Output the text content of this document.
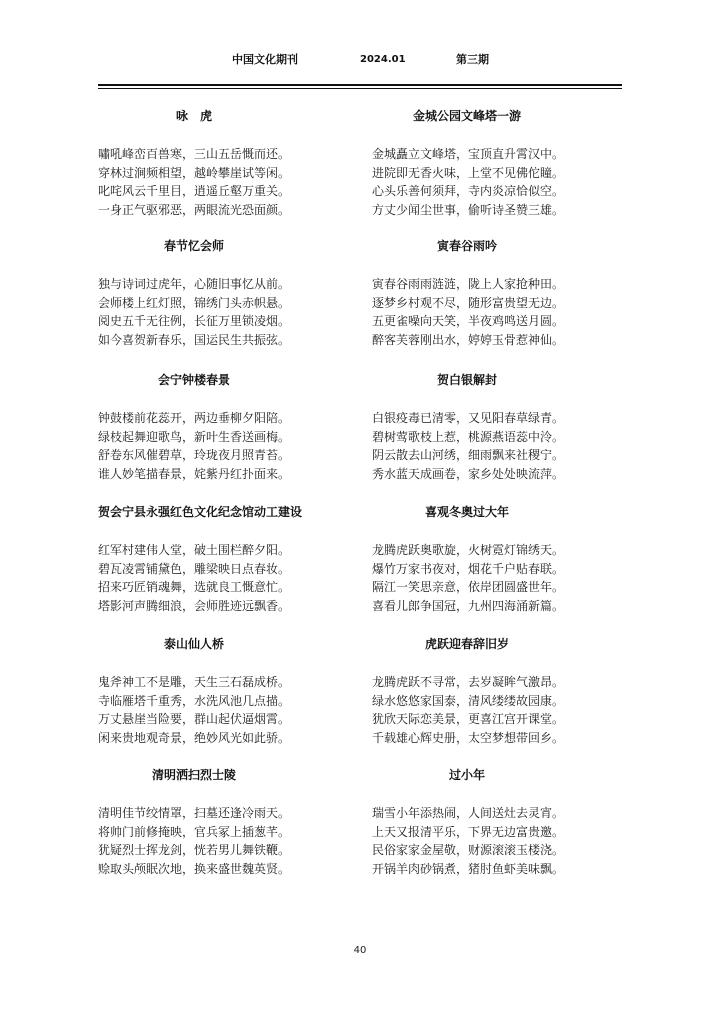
中国文化期刊	2024.01	第三期
咏　虎
嘯吼峰峦百兽寒，三山五岳慨而还。
穿林过涧频相望，越岭攀崖试等闲。
叱咤风云千里目，逍遥丘壑万重关。
一身正气驱邪恶，两眼流光恐面颜。
春节忆会师
独与诗词过虎年，心随旧事忆从前。
会师楼上红灯照，锦绣门头赤帜悬。
阅史五千无往例，长征万里锁凌烟。
如今喜贺新春乐，国运民生共振弦。
会宁钟楼春景
钟鼓楼前花蕊开，两边垂柳夕阳陪。
绿枝起舞迎歌鸟，新叶生香送画梅。
舒卷东风催碧草，玲珑夜月照青苔。
谁人妙笔描春景，姹紫丹红扑面来。
贺会宁县永强红色文化纪念馆动工建设
红军村建伟人堂，破土围栏醉夕阳。
碧瓦凌霄铺黛色，雕梁映日点春妆。
招来巧匠销魂舞，选就良工慨意忙。
塔影河声腾细浪，会师胜迹远飘香。
泰山仙人桥
鬼斧神工不是雕，天生三石磊成桥。
寺临雁塔千重秀，水洗风池几点描。
万丈悬崖当险要，群山起伏逼烟霄。
闲来贵地观奇景，绝妙风光如此骄。
清明洒扫烈士陵
清明佳节绞情罩，扫墓还逢冷雨天。
将帅门前修掩映，官兵冢上插葱芊。
犹疑烈士挥龙剑，恍若男儿舞铁鞭。
赊取头颅眠次地，换来盛世魏英贤。
金城公园文峰塔一游
金城矗立文峰塔，宝顶直升霄汉中。
进院即无香火味，上堂不见佛佗瞳。
心头乐善何须拜，寺内炎凉恰似空。
方丈少闻尘世事，偷听诗圣赞三雄。
寅春谷雨吟
寅春谷雨雨涟涟，陇上人家抢种田。
逐梦乡村观不尽，随形富贵望无边。
五更雀噪向天笑，半夜鸡鸣送月圆。
醉客芙蓉刚出水，婷婷玉骨惹神仙。
贺白银解封
白银疫毒已清零，又见阳春草绿青。
碧树莺歌枝上惹，桃源燕语蕊中泠。
阴云散去山河绣，细雨飘来社稷宁。
秀水蓝天成画卷，家乡处处映流萍。
喜观冬奥过大年
龙腾虎跃奥歌旋，火树霓灯锦绣天。
爆竹万家书夜对，烟花千户贴春联。
隔江一笑思亲意，依岸团圆盛世年。
喜看儿郎争国冠，九州四海涌新篇。
虎跃迎春辞旧岁
龙腾虎跃不寻常，去岁凝眸气激昂。
绿水悠悠家国泰，清风缕缕故园康。
犹欣天际恋美景，更喜江宫开课堂。
千载雄心辉史册，太空梦想带回乡。
过小年
瑞雪小年添热闹，人间送灶去灵宵。
上天又报清平乐，下界无边富贵邀。
民俗家家金屋敬，财源滚滚玉楼浇。
开锅羊肉砂锅煮，猪肘鱼虾美味飘。
40
